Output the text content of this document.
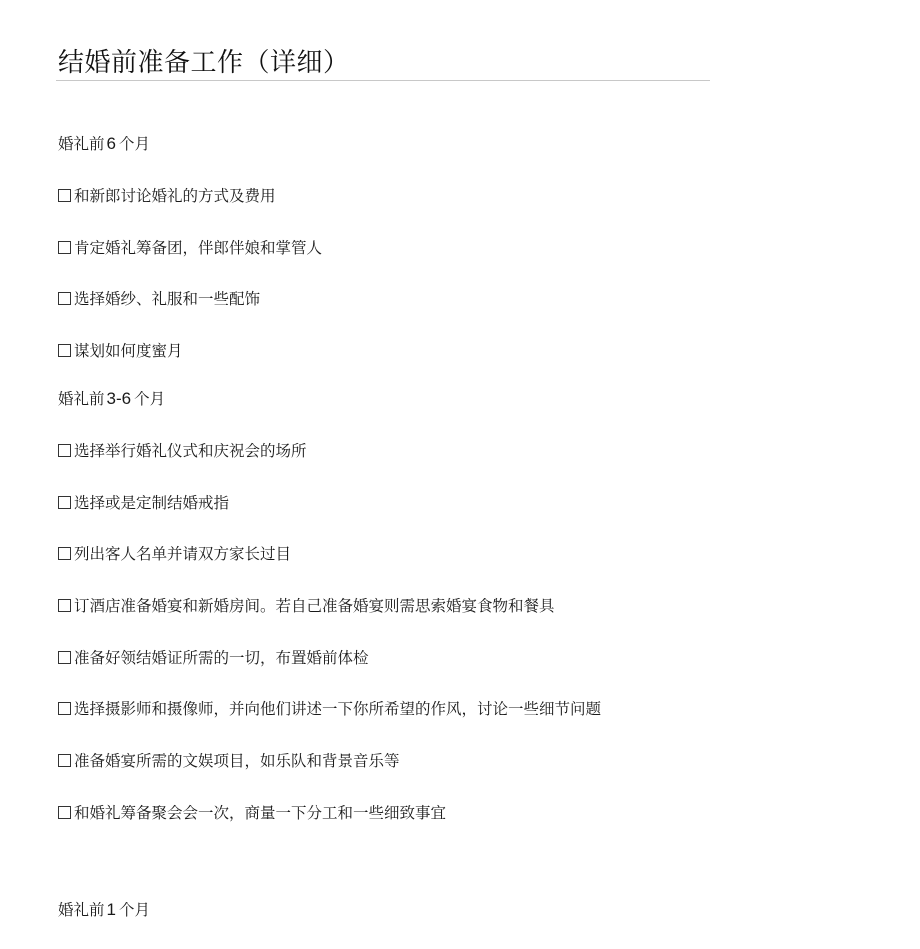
结婚前准备工作（详细）
婚礼前 6 个月
和新郎讨论婚礼的方式及费用
肯定婚礼筹备团，伴郎伴娘和掌管人
选择婚纱、礼服和一些配饰
谋划如何度蜜月
婚礼前 3-6 个月
选择举行婚礼仪式和庆祝会的场所
选择或是定制结婚戒指
列出客人名单并请双方家长过目
订酒店准备婚宴和新婚房间。若自己准备婚宴则需思索婚宴食物和餐具
准备好领结婚证所需的一切，布置婚前体检
选择摄影师和摄像师，并向他们讲述一下你所希望的作风，讨论一些细节问题
准备婚宴所需的文娱项目，如乐队和背景音乐等
和婚礼筹备聚会会一次，商量一下分工和一些细致事宜
婚礼前 1 个月
